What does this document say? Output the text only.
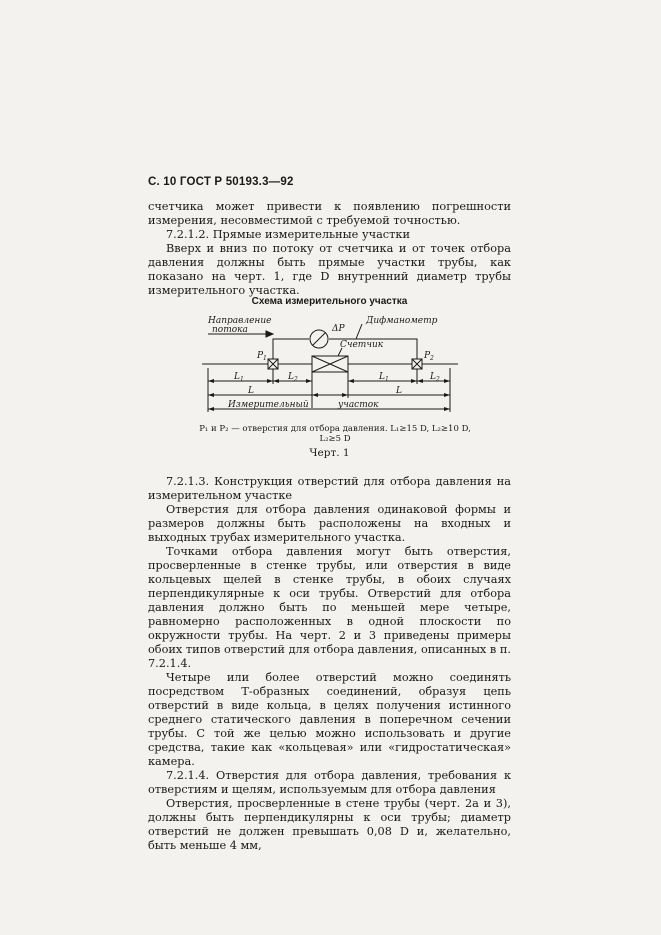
С. 10 ГОСТ Р 50193.3—92

счетчика может привести к появлению погрешности измерения, несовместимой с требуемой точностью.

7.2.1.2. Прямые измерительные участки

Вверх и вниз по потоку от счетчика и от точек отбора давления должны быть прямые участки трубы, как показано на черт. 1, где D внутренний диаметр трубы измерительного участка.

Схема измерительного участка
Направление
потока	ΔP
Дифманометр
Счетчик
P 1	P 2
L 1	L 2	L 1	L 2
L	L
Измерительный	участок
P₁ и P₂ — отверстия для отбора давления. L₁≥15 D, L₂≥10 D,
L₂≥5 D
Черт. 1

7.2.1.3. Конструкция отверстий для отбора давления на измерительном участке

Отверстия для отбора давления одинаковой формы и размеров должны быть расположены на входных и выходных трубах измерительного участка.

Точками отбора давления могут быть отверстия, просверленные в стенке трубы, или отверстия в виде кольцевых щелей в стенке трубы, в обоих случаях перпендикулярные к оси трубы. Отверстий для отбора давления должно быть по меньшей мере четыре, равномерно расположенных в одной плоскости по окружности трубы. На черт. 2 и 3 приведены примеры обоих типов отверстий для отбора давления, описанных в п. 7.2.1.4.

Четыре или более отверстий можно соединять посредством Т-образных соединений, образуя цепь отверстий в виде кольца, в целях получения истинного среднего статического давления в поперечном сечении трубы. С той же целью можно использовать и другие средства, такие как «кольцевая» или «гидростатическая» камера.

7.2.1.4. Отверстия для отбора давления, требования к отверстиям и щелям, используемым для отбора давления

Отверстия, просверленные в стене трубы (черт. 2а и 3), должны быть перпендикулярны к оси трубы; диаметр отверстий не должен превышать 0,08 D и, желательно, быть меньше 4 мм,
